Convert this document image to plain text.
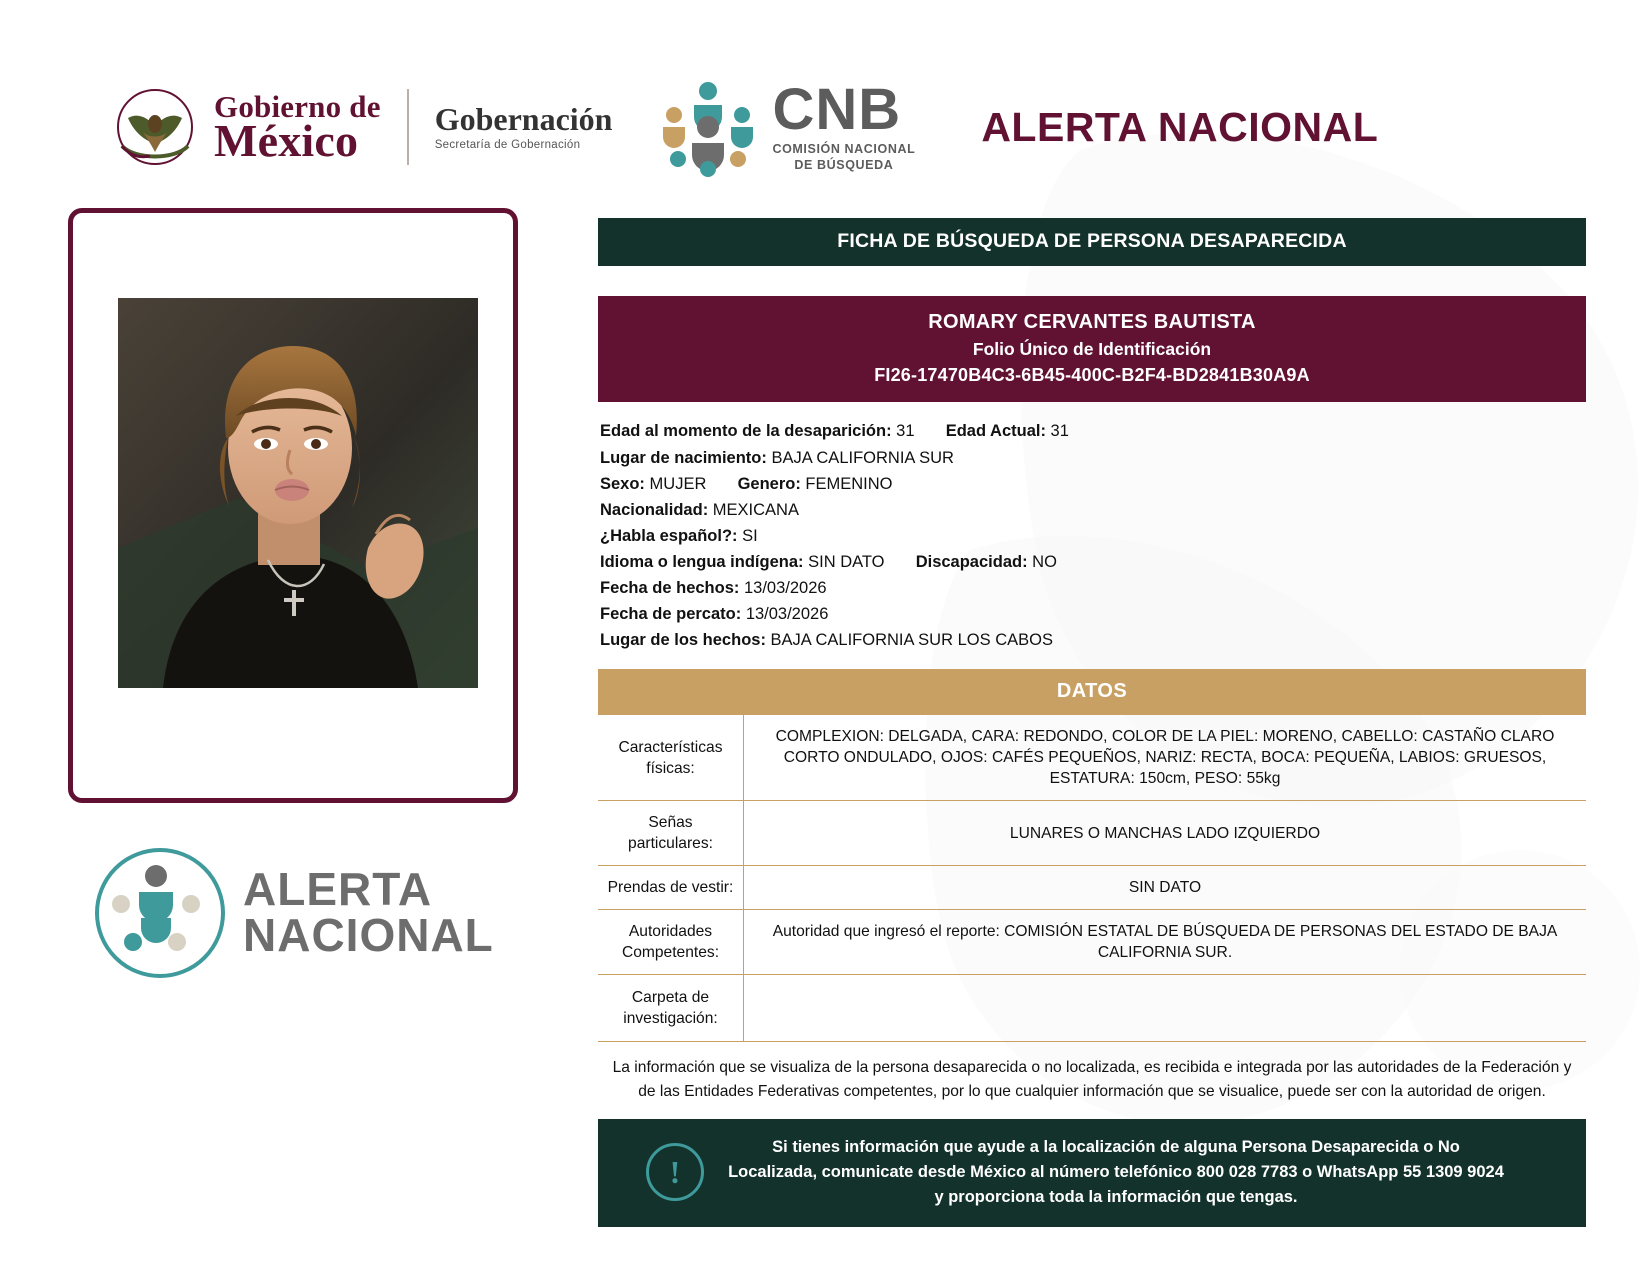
Gobierno de
México	Gobernación
Secretaría de Gobernación
CNB
COMISIÓN NACIONAL
DE BÚSQUEDA
ALERTA NACIONAL
ALERTA
NACIONAL
FICHA DE BÚSQUEDA DE PERSONA DESAPARECIDA
ROMARY CERVANTES BAUTISTA
Folio Único de Identificación
FI26-17470B4C3-6B45-400C-B2F4-BD2841B30A9A
Edad al momento de la desaparición: 31 Edad Actual: 31
Lugar de nacimiento: BAJA CALIFORNIA SUR
Sexo: MUJER Genero: FEMENINO
Nacionalidad: MEXICANA
¿Habla español?: SI
Idioma o lengua indígena: SIN DATO Discapacidad: NO
Fecha de hechos: 13/03/2026
Fecha de percato: 13/03/2026
Lugar de los hechos: BAJA CALIFORNIA SUR LOS CABOS
DATOS
Características físicas:	COMPLEXION: DELGADA, CARA: REDONDO, COLOR DE LA PIEL: MORENO, CABELLO: CASTAÑO CLARO CORTO ONDULADO, OJOS: CAFÉS PEQUEÑOS, NARIZ: RECTA, BOCA: PEQUEÑA, LABIOS: GRUESOS, ESTATURA: 150cm, PESO: 55kg
Señas particulares:	LUNARES O MANCHAS LADO IZQUIERDO
Prendas de vestir:	SIN DATO
Autoridades Competentes:	Autoridad que ingresó el reporte: COMISIÓN ESTATAL DE BÚSQUEDA DE PERSONAS DEL ESTADO DE BAJA CALIFORNIA SUR.
Carpeta de investigación:	
La información que se visualiza de la persona desaparecida o no localizada, es recibida e integrada por las autoridades de la Federación y de las Entidades Federativas competentes, por lo que cualquier información que se visualice, puede ser con la autoridad de origen.
!
Si tienes información que ayude a la localización de alguna Persona Desaparecida o No Localizada, comunicate desde México al número telefónico 800 028 7783 o WhatsApp 55 1309 9024 y proporciona toda la información que tengas.
